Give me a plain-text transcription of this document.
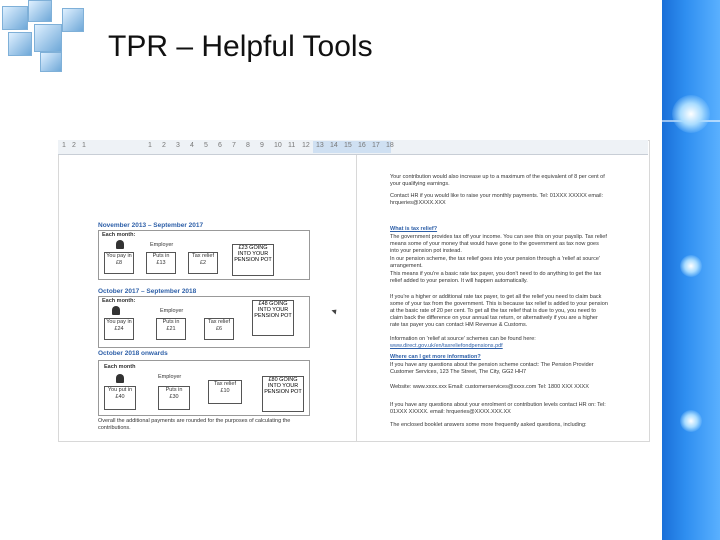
TPR – Helpful Tools
1 2 1	1 2 3 4 5 6 7 8 9 10 11 12 13 14 15 16 17 18
November 2013 – September 2017
Each month:
You pay in
£8
Employer
Puts in
£13
Tax relief
£2
£23 GOING INTO YOUR PENSION POT
October 2017 – September 2018
Each month:
You pay in
£24
Employer
Puts in
£21
Tax relief
£6
£48 GOING INTO YOUR PENSION POT
October 2018 onwards
Each month
You put in
£40
Employer
Puts in
£30
Tax relief
£10
£80 GOING INTO YOUR PENSION POT
Overall the additional payments are rounded for the purposes of calculating the contributions.
Your contribution would also increase up to a maximum of the equivalent of 8 per cent of your qualifying earnings.
Contact HR if you would like to raise your monthly payments. Tel: 01XXX XXXXX email: hrqueries@XXXX.XXX
What is tax relief?
The government provides tax off your income. You can see this on your payslip. Tax relief means some of your money that would have gone to the government as tax now goes into your pension pot instead.
In our pension scheme, the tax relief goes into your pension through a 'relief at source' arrangement.
This means if you're a basic rate tax payer, you don't need to do anything to get the tax relief added to your pension. It will happen automatically.
If you're a higher or additional rate tax payer, to get all the relief you need to claim back some of your tax from the government. This is because tax relief is added to your pension at the basic rate of 20 per cent. To get all the tax relief that is due to you, you need to claim back the difference on your annual tax return, or alternatively if you are a higher rate tax payer you can contact HM Revenue & Customs.
Information on 'relief at source' schemes can be found here:
www.direct.gov.uk/en/taxreliefondpensions.pdf
Where can I get more information?
If you have any questions about the pension scheme contact: The Pension Provider Customer Services, 123 The Street, The City, GG2 HH7
Website: www.xxxx.xxx Email: customerservices@xxxx.com Tel: 1800 XXX XXXX
If you have any questions about your enrolment or contribution levels contact HR on: Tel: 01XXX XXXXX. email: hrqueries@XXXX.XXX.XX
The enclosed booklet answers some more frequently asked questions, including:
